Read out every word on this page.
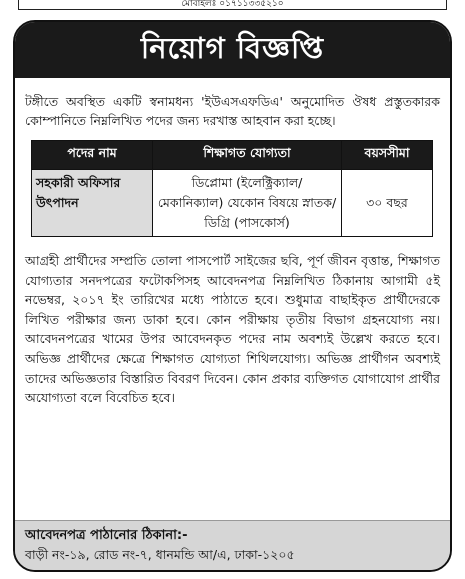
মোবাইলঃ ০১৭১১৩৩৫২১০
নিয়োগ বিজ্ঞপ্তি

টঙ্গীতে অবস্থিত একটি স্বনামধন্য 'ইউএসএফডিএ' অনুমোদিত ঔষধ প্রস্তুতকারক কোম্পানিতে নিম্নলিখিত পদের জন্য দরখাস্ত আহবান করা হচ্ছে।

পদের নাম	শিক্ষাগত যোগ্যতা	বয়সসীমা
সহকারী অফিসার উৎপাদন	ডিপ্লোমা (ইলেক্ট্রিক্যাল/ মেকানিক্যাল) যেকোন বিষয়ে স্নাতক/ডিগ্রি (পাসকোর্স)	৩০ বছর

আগ্রহী প্রার্থীদের সম্প্রতি তোলা পাসপোর্ট সাইজের ছবি, পূর্ণ জীবন বৃত্তান্ত, শিক্ষাগত যোগ্যতার সনদপত্রের ফটোকপিসহ আবেদনপত্র নিম্নলিখিত ঠিকানায় আগামী ৫ই নভেম্বর, ২০১৭ ইং তারিখের মধ্যে পাঠাতে হবে। শুধুমাত্র বাছাইকৃত প্রার্থীদেরকে লিখিত পরীক্ষার জন্য ডাকা হবে। কোন পরীক্ষায় তৃতীয় বিভাগ গ্রহনযোগ্য নয়। আবেদনপত্রের খামের উপর আবেদনকৃত পদের নাম অবশ্যই উল্লেখ করতে হবে। অভিজ্ঞ প্রার্থীদের ক্ষেত্রে শিক্ষাগত যোগ্যতা শিথিলযোগ্য। অভিজ্ঞ প্রার্থীগন অবশ্যই তাদের অভিজ্ঞতার বিস্তারিত বিবরণ দিবেন। কোন প্রকার ব্যক্তিগত যোগাযোগ প্রার্থীর অযোগ্যতা বলে বিবেচিত হবে।

আবেদনপত্র পাঠানোর ঠিকানা:-
বাড়ী নং-১৯, রোড নং-৭, ধানমন্ডি আ/এ, ঢাকা-১২০৫
